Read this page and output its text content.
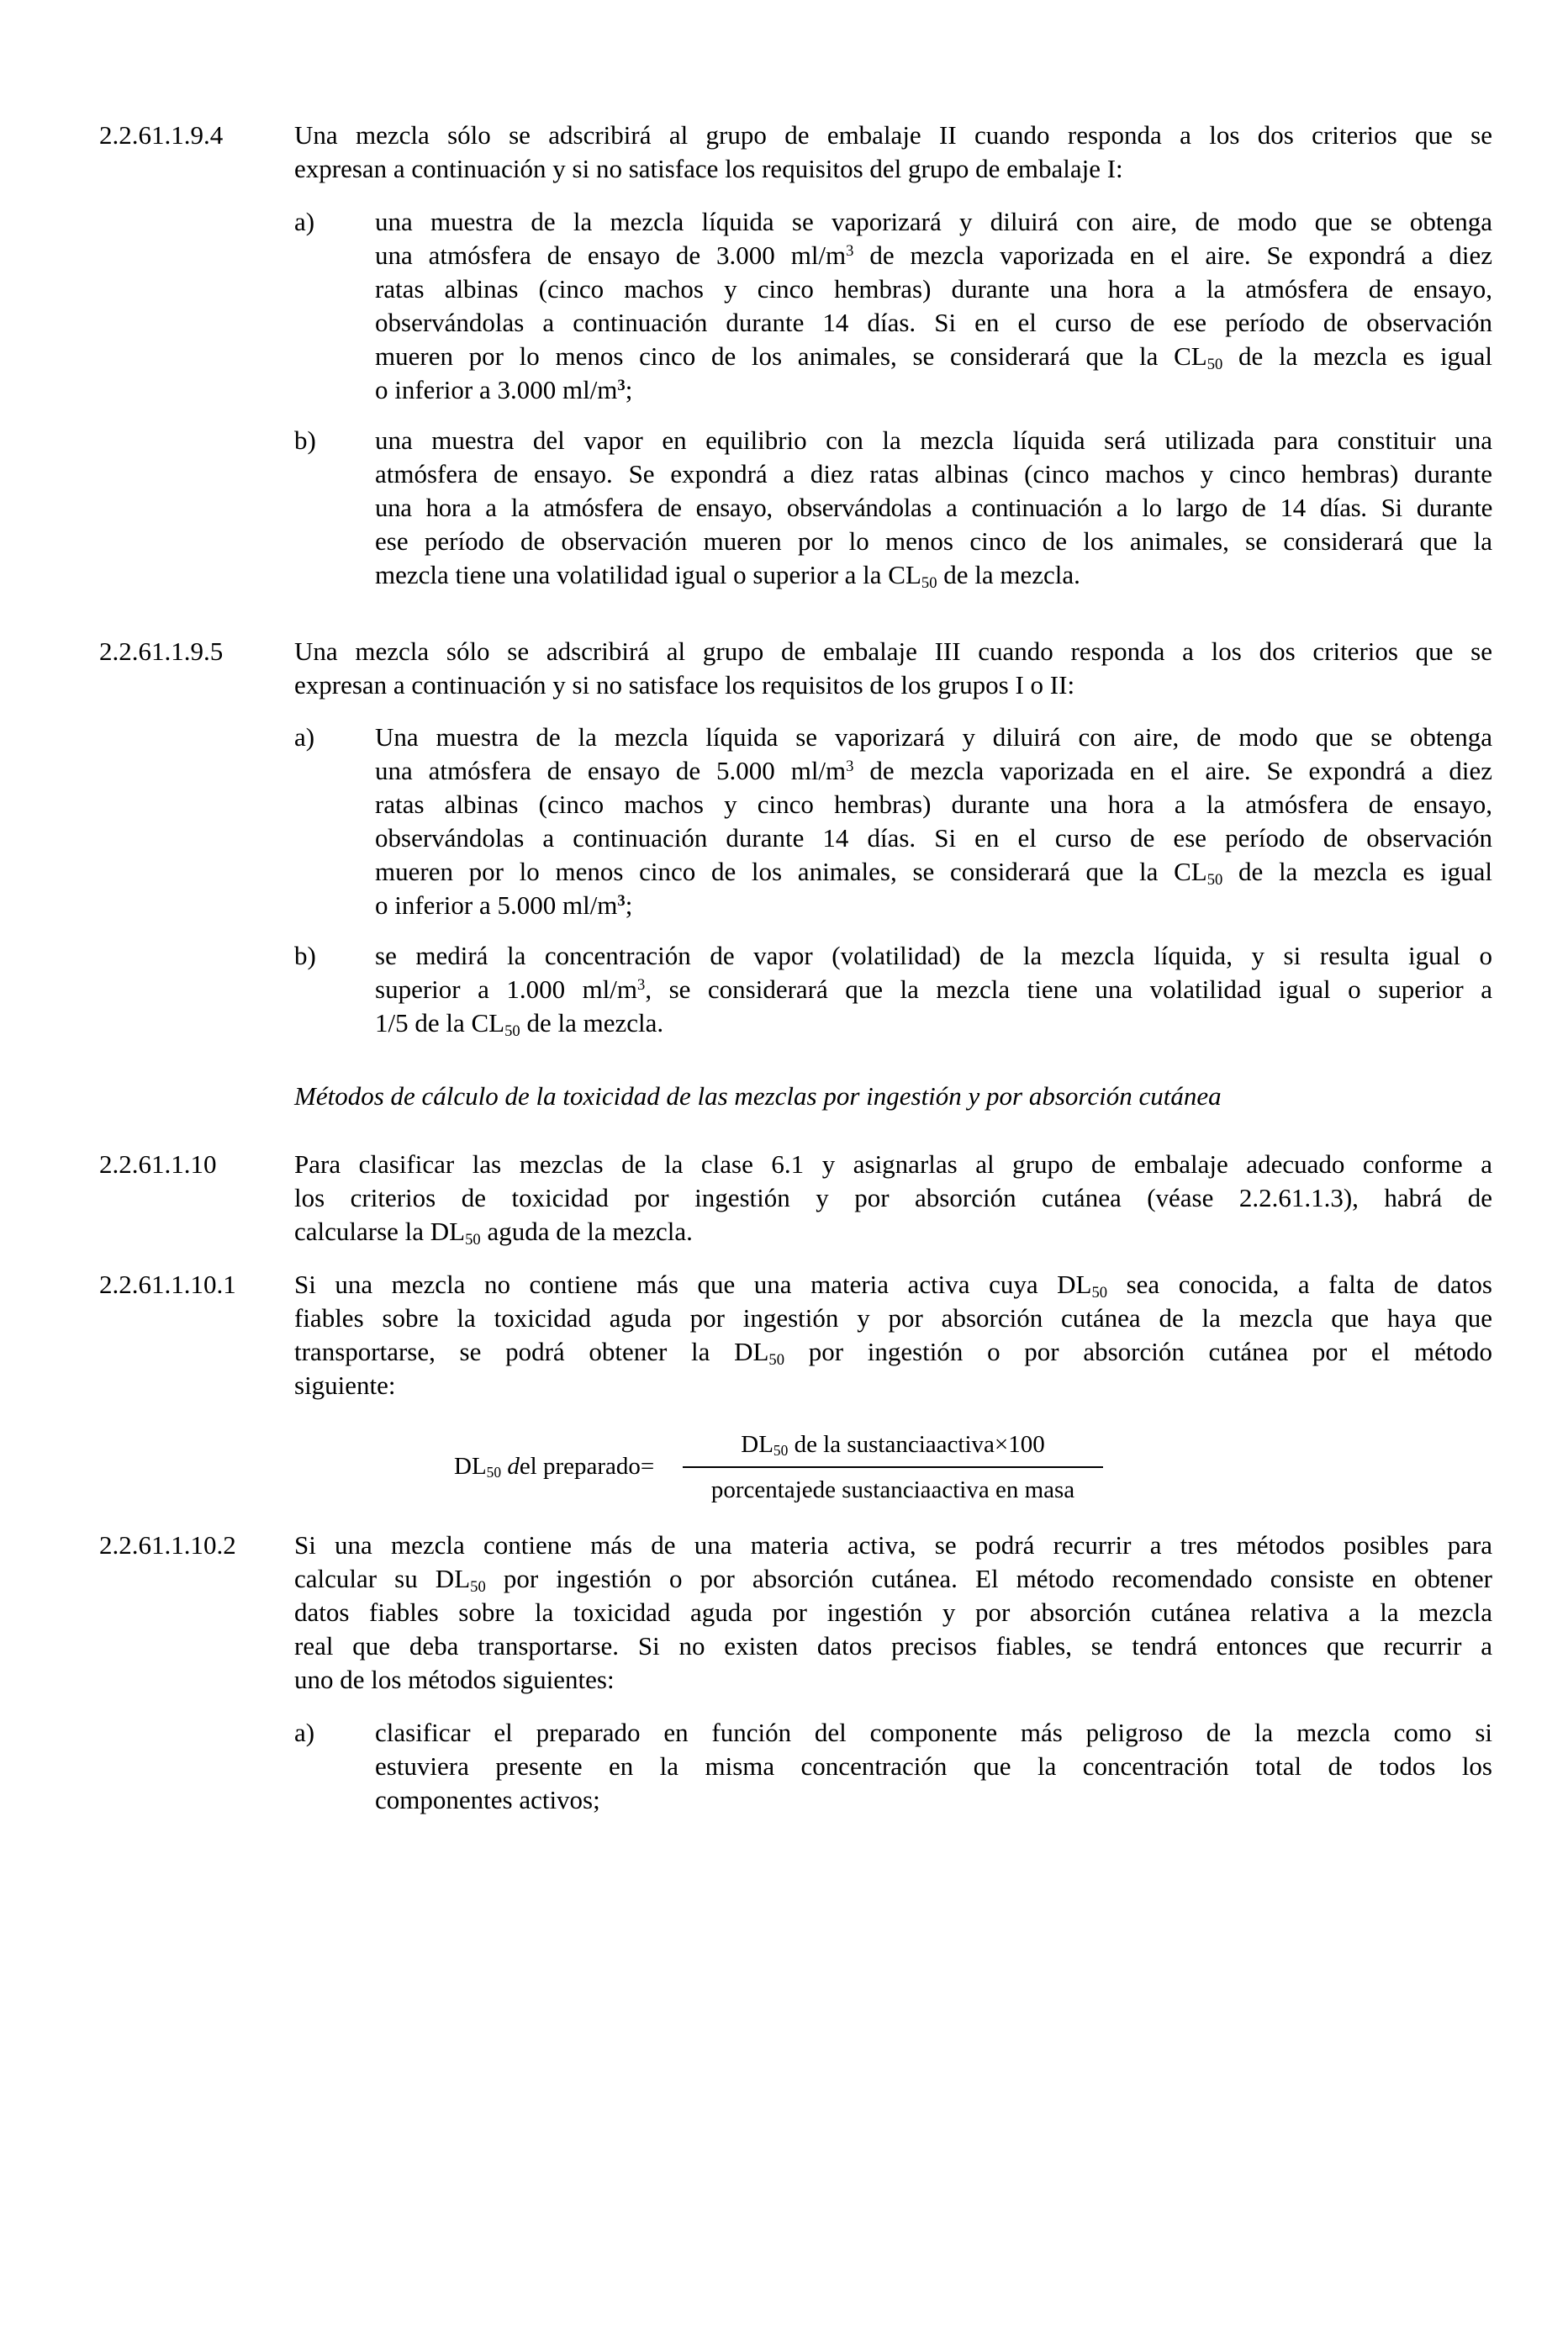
2.2.61.1.9.4	Una mezcla sólo se adscribirá al grupo de embalaje II cuando responda a los dos criterios que se
expresan a continuación y si no satisface los requisitos del grupo de embalaje I:
a)	una muestra de la mezcla líquida se vaporizará y diluirá con aire, de modo que se obtenga
una atmósfera de ensayo de 3.000 $ml/m^3$ de mezcla vaporizada en el aire. Se expondrá a diez
ratas albinas (cinco machos y cinco hembras) durante una hora a la atmósfera de ensayo,
observándolas a continuación durante 14 días. Si en el curso de ese período de observación
mueren por lo menos cinco de los animales, se considerará que la $CL_{50}$ de la mezcla es igual
o inferior a 3.000 $ml/m^3$;
b)	una muestra del vapor en equilibrio con la mezcla líquida será utilizada para constituir una
atmósfera de ensayo. Se expondrá a diez ratas albinas (cinco machos y cinco hembras) durante
una hora a la atmósfera de ensayo, observándolas a continuación a lo largo de 14 días. Si durante
ese período de observación mueren por lo menos cinco de los animales, se considerará que la
mezcla tiene una volatilidad igual o superior a la $CL_{50}$ de la mezcla.
2.2.61.1.9.5	Una mezcla sólo se adscribirá al grupo de embalaje III cuando responda a los dos criterios que se
expresan a continuación y si no satisface los requisitos de los grupos I o II:
a)	Una muestra de la mezcla líquida se vaporizará y diluirá con aire, de modo que se obtenga
una atmósfera de ensayo de 5.000 $ml/m^3$ de mezcla vaporizada en el aire. Se expondrá a diez
ratas albinas (cinco machos y cinco hembras) durante una hora a la atmósfera de ensayo,
observándolas a continuación durante 14 días. Si en el curso de ese período de observación
mueren por lo menos cinco de los animales, se considerará que la $CL_{50}$ de la mezcla es igual
o inferior a 5.000 $ml/m^3$;
b)	se medirá la concentración de vapor (volatilidad) de la mezcla líquida, y si resulta igual o
superior a 1.000 $ml/m^3$, se considerará que la mezcla tiene una volatilidad igual o superior a
1/5 de la $CL_{50}$ de la mezcla.
Métodos de cálculo de la toxicidad de las mezclas por ingestión y por absorción cutánea
2.2.61.1.10	Para clasificar las mezclas de la clase 6.1 y asignarlas al grupo de embalaje adecuado conforme a
los criterios de toxicidad por ingestión y por absorción cutánea (véase 2.2.61.1.3), habrá de
calcularse la $DL_{50}$ aguda de la mezcla.
2.2.61.1.10.1	Si una mezcla no contiene más que una materia activa cuya $DL_{50}$ sea conocida, a falta de datos
fiables sobre la toxicidad aguda por ingestión y por absorción cutánea de la mezcla que haya que
transportarse, se podrá obtener la $DL_{50}$ por ingestión o por absorción cutánea por el método
siguiente:
$DL_{50}$ del preparado=
$DL_{50}$ de la sustanciaactiva×100
porcentajede sustanciaactiva en masa
2.2.61.1.10.2	Si una mezcla contiene más de una materia activa, se podrá recurrir a tres métodos posibles para
calcular su $DL_{50}$ por ingestión o por absorción cutánea. El método recomendado consiste en obtener
datos fiables sobre la toxicidad aguda por ingestión y por absorción cutánea relativa a la mezcla
real que deba transportarse. Si no existen datos precisos fiables, se tendrá entonces que recurrir a
uno de los métodos siguientes:
a)	clasificar el preparado en función del componente más peligroso de la mezcla como si
estuviera presente en la misma concentración que la concentración total de todos los
componentes activos;
